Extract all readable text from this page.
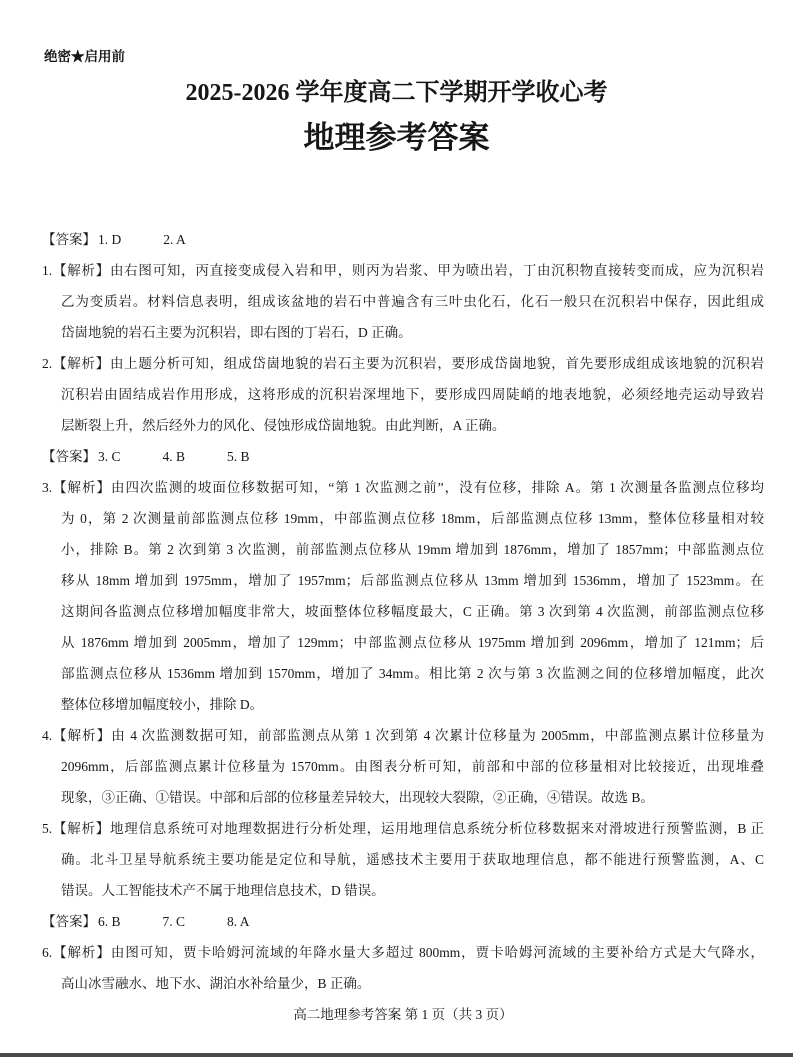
绝密★启用前
2025-2026 学年度高二下学期开学收心考
地理参考答案
【答案】 1. D	2. A
1. 【解析】由右图可知，丙直接变成侵入岩和甲，则丙为岩浆、甲为喷出岩，丁由沉积物直接转变而成，应为沉积岩
乙为变质岩。材料信息表明，组成该盆地的岩石中普遍含有三叶虫化石，化石一般只在沉积岩中保存，因此组成
岱崮地貌的岩石主要为沉积岩，即右图的丁岩石，D 正确。
2. 【解析】由上题分析可知，组成岱崮地貌的岩石主要为沉积岩，要形成岱崮地貌，首先要形成组成该地貌的沉积岩
沉积岩由固结成岩作用形成，这将形成的沉积岩深埋地下，要形成四周陡峭的地表地貌，必须经地壳运动导致岩
层断裂上升，然后经外力的风化、侵蚀形成岱崮地貌。由此判断，A 正确。
【答案】 3. C	4. B	5. B
3. 【解析】由四次监测的坡面位移数据可知，“第 1 次监测之前”，没有位移，排除 A。第 1 次测量各监测点位移均
为 0，第 2 次测量前部监测点位移 19mm，中部监测点位移 18mm，后部监测点位移 13mm，整体位移量相对较
小，排除 B。第 2 次到第 3 次监测，前部监测点位移从 19mm 增加到 1876mm，增加了 1857mm；中部监测点位
移从 18mm 增加到 1975mm，增加了 1957mm；后部监测点位移从 13mm 增加到 1536mm，增加了 1523mm。在
这期间各监测点位移增加幅度非常大，坡面整体位移幅度最大，C 正确。第 3 次到第 4 次监测，前部监测点位移
从 1876mm 增加到 2005mm，增加了 129mm；中部监测点位移从 1975mm 增加到 2096mm，增加了 121mm；后
部监测点位移从 1536mm 增加到 1570mm，增加了 34mm。相比第 2 次与第 3 次监测之间的位移增加幅度，此次
整体位移增加幅度较小，排除 D。
4. 【解析】由 4 次监测数据可知，前部监测点从第 1 次到第 4 次累计位移量为 2005mm，中部监测点累计位移量为
2096mm，后部监测点累计位移量为 1570mm。由图表分析可知，前部和中部的位移量相对比较接近，出现堆叠
现象，③正确、①错误。中部和后部的位移量差异较大，出现较大裂隙，②正确，④错误。故选 B。
5. 【解析】地理信息系统可对地理数据进行分析处理，运用地理信息系统分析位移数据来对滑坡进行预警监测，B 正
确。北斗卫星导航系统主要功能是定位和导航，遥感技术主要用于获取地理信息，都不能进行预警监测，A、C
错误。人工智能技术产不属于地理信息技术，D 错误。
【答案】 6. B	7. C	8. A
6. 【解析】由图可知，贾卡哈姆河流域的年降水量大多超过 800mm，贾卡哈姆河流域的主要补给方式是大气降水，
高山冰雪融水、地下水、湖泊水补给量少，B 正确。
高二地理参考答案 第 1 页（共 3 页）
